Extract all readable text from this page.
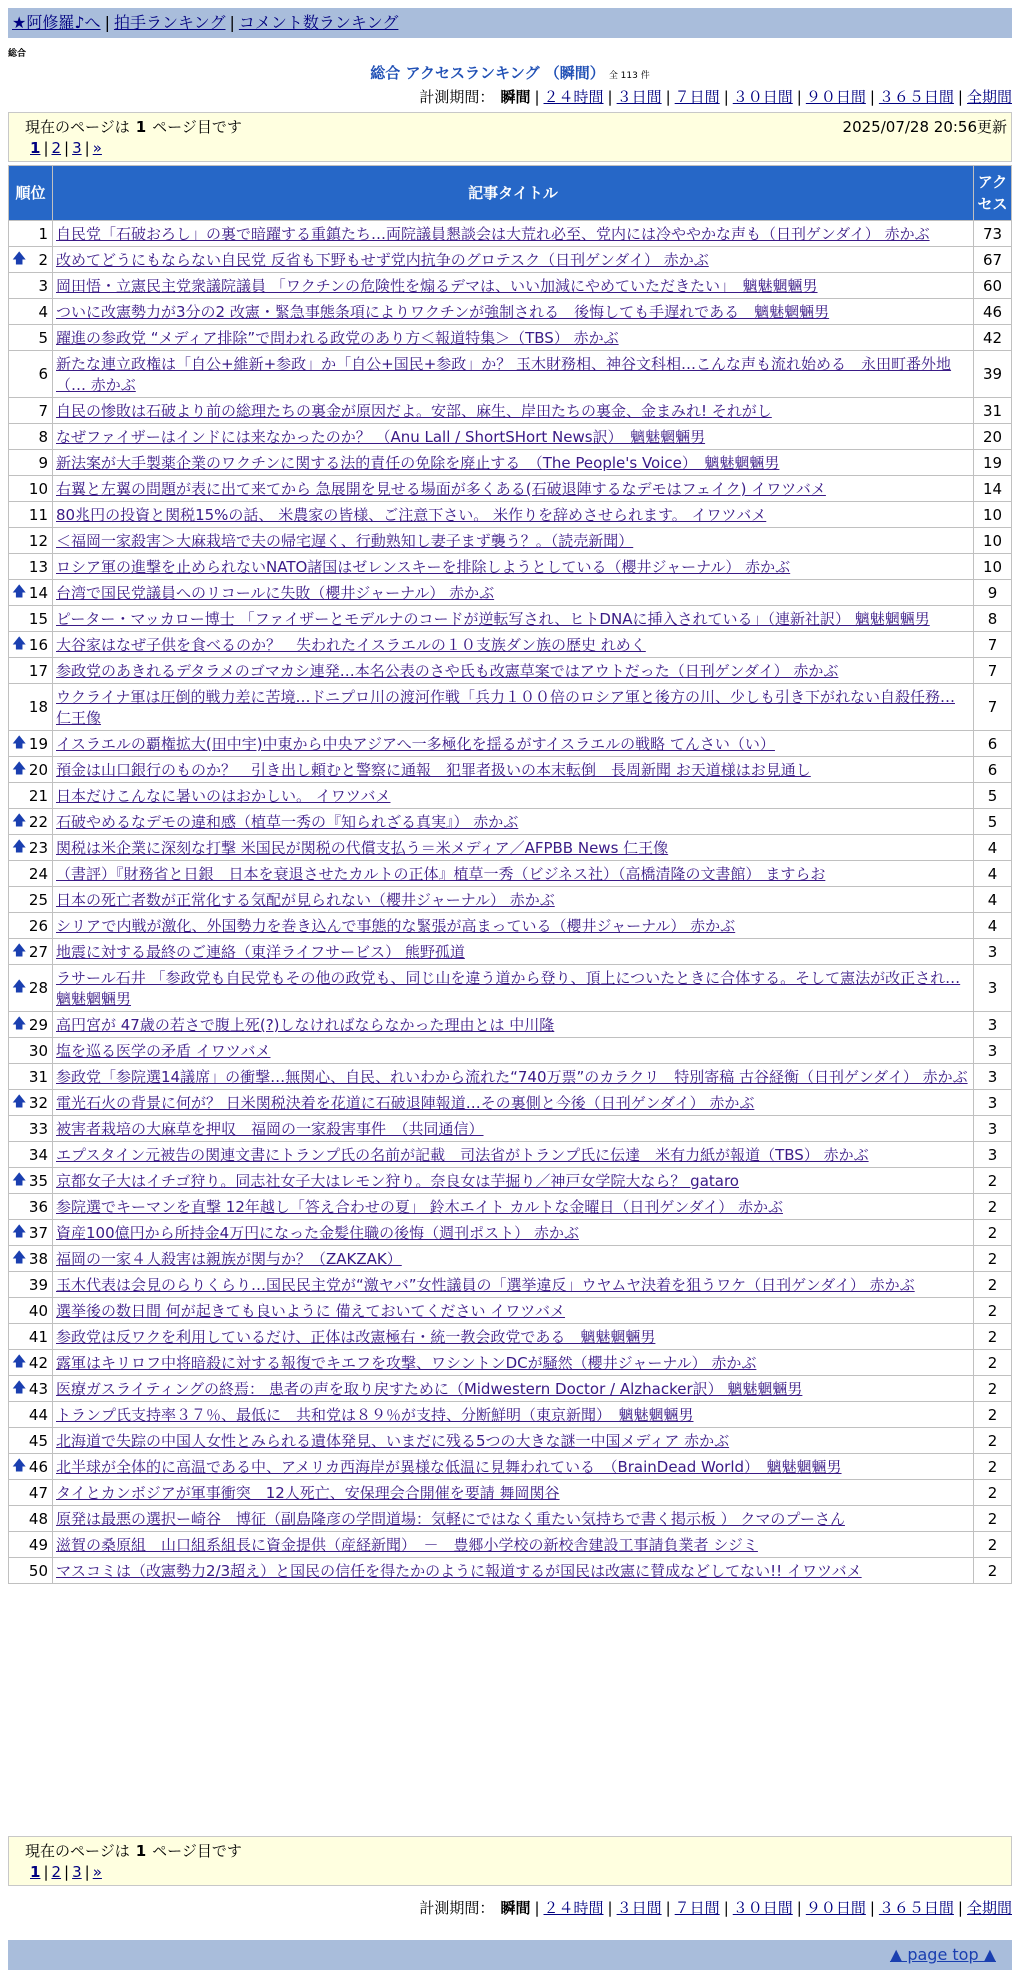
★阿修羅♪へ | 拍手ランキング | コメント数ランキング
総合
総合 アクセスランキング （瞬間） 全 113 件
計測期間： 瞬間 | ２４時間 | ３日間 | ７日間 | ３０日間 | ９０日間 | ３６５日間 | 全期間
現在のページは 1 ページ目です	2025/07/28 20:56更新
1 | 2 | 3 | »
順位	記事タイトル	アクセス
1	自民党「石破おろし」の裏で暗躍する重鎮たち…両院議員懇談会は大荒れ必至、党内には冷ややかな声も（日刊ゲンダイ） 赤かぶ	73

🡅 2	改めてどうにもならない自民党 反省も下野もせず党内抗争のグロテスク（日刊ゲンダイ） 赤かぶ	67
3	岡田悟・立憲民主党衆議院議員 「ワクチンの危険性を煽るデマは、いい加減にやめていただきたい」　魑魅魍魎男	60
4	ついに改憲勢力が3分の2 改憲・緊急事態条項によりワクチンが強制される　後悔しても手遅れである　魑魅魍魎男	46
5	躍進の参政党 “メディア排除”で問われる政党のあり方＜報道特集＞（TBS） 赤かぶ	42
6	新たな連立政権は「自公+維新+参政」か「自公+国民+参政」か？ 玉木財務相、神谷文科相…こんな声も流れ始める　永田町番外地（… 赤かぶ	39
7	自民の惨敗は石破より前の総理たちの裏金が原因だよ。安部、麻生、岸田たちの裏金、金まみれ! それがし	31
8	なぜファイザーはインドには来なかったのか？ （Anu Lall / ShortSHort News訳）　魑魅魍魎男	20
9	新法案が大手製薬企業のワクチンに関する法的責任の免除を廃止する　（The People's Voice）　魑魅魍魎男	19
10	右翼と左翼の問題が表に出て来てから 急展開を見せる場面が多くある(石破退陣するなデモはフェイク) イワツバメ	14
11	80兆円の投資と関税15%の話、 米農家の皆様、ご注意下さい。 米作りを辞めさせられます。 イワツバメ	10
12	＜福岡一家殺害＞大麻栽培で夫の帰宅遅く、行動熟知し妻子まず襲う？。（読売新聞）	10
13	ロシア軍の進撃を止められないNATO諸国はゼレンスキーを排除しようとしている（櫻井ジャーナル） 赤かぶ	10

🡅 14	台湾で国民党議員へのリコールに失敗（櫻井ジャーナル） 赤かぶ	9
15	ピーター・マッカロー博士 「ファイザーとモデルナのコードが逆転写され、ヒトDNAに挿入されている」（連新社訳） 魑魅魍魎男	8

🡅 16	大谷家はなぜ子供を食べるのか？　失われたイスラエルの１０支族ダン族の歴史 れめく	7
17	参政党のあきれるデタラメのゴマカシ連発…本名公表のさや氏も改憲草案ではアウトだった（日刊ゲンダイ） 赤かぶ	7
18	ウクライナ軍は圧倒的戦力差に苦境…ドニプロ川の渡河作戦「兵力１００倍のロシア軍と後方の川、少しも引き下がれない自殺任務… 仁王像	7

🡅 19	イスラエルの覇権拡大(田中宇)中東から中央アジアへ一多極化を揺るがすイスラエルの戦略 てんさい（い）	6

🡅 20	預金は山口銀行のものか？　引き出し頼むと警察に通報　犯罪者扱いの本末転倒　長周新聞 お天道様はお見通し	6
21	日本だけこんなに暑いのはおかしい。 イワツバメ	5

🡅 22	石破やめるなデモの違和感（植草一秀の『知られざる真実』） 赤かぶ	5

🡅 23	関税は米企業に深刻な打撃 米国民が関税の代償支払う＝米メディア／AFPBB News 仁王像	4
24	（書評）『財務省と日銀　日本を衰退させたカルトの正体』植草一秀（ビジネス社）（高橋清隆の文書館） ますらお	4
25	日本の死亡者数が正常化する気配が見られない（櫻井ジャーナル） 赤かぶ	4
26	シリアで内戦が激化、外国勢力を巻き込んで事態的な緊張が高まっている（櫻井ジャーナル） 赤かぶ	4

🡅 27	地震に対する最終のご連絡（東洋ライフサービス） 熊野孤道	3

🡅 28	ラサール石井 「参政党も自民党もその他の政党も、同じ山を違う道から登り、頂上についたときに合体する。そして憲法が改正され… 魑魅魍魎男	3

🡅 29	高円宮が 47歳の若さで腹上死(?)しなければならなかった理由とは 中川隆	3
30	塩を巡る医学の矛盾 イワツバメ	3
31	参政党「参院選14議席」の衝撃…無関心、自民、れいわから流れた“740万票”のカラクリ　特別寄稿 古谷経衡（日刊ゲンダイ） 赤かぶ	3

🡅 32	電光石火の背景に何が？ 日米関税決着を花道に石破退陣報道…その裏側と今後（日刊ゲンダイ） 赤かぶ	3
33	被害者栽培の大麻草を押収　福岡の一家殺害事件　（共同通信）	3
34	エプスタイン元被告の関連文書にトランプ氏の名前が記載　司法省がトランプ氏に伝達　米有力紙が報道（TBS） 赤かぶ	3

🡅 35	京都女子大はイチゴ狩り。同志社女子大はレモン狩り。奈良女は芋掘り／神戸女学院大なら？ gataro	2
36	参院選でキーマンを直撃 12年越し「答え合わせの夏」 鈴木エイト カルトな金曜日（日刊ゲンダイ） 赤かぶ	2

🡅 37	資産100億円から所持金4万円になった金髪住職の後悔（週刊ポスト） 赤かぶ	2

🡅 38	福岡の一家４人殺害は親族が関与か？（ZAKZAK）	2
39	玉木代表は会見のらりくらり…国民民主党が“激ヤバ”女性議員の「選挙違反」ウヤムヤ決着を狙うワケ（日刊ゲンダイ） 赤かぶ	2
40	選挙後の数日間 何が起きても良いように 備えておいてください イワツバメ	2
41	参政党は反ワクを利用しているだけ、正体は改憲極右・統一教会政党である　魑魅魍魎男	2

🡅 42	露軍はキリロフ中将暗殺に対する報復でキエフを攻撃、ワシントンDCが騒然（櫻井ジャーナル） 赤かぶ	2

🡅 43	医療ガスライティングの終焉： 患者の声を取り戻すために（Midwestern Doctor / Alzhacker訳） 魑魅魍魎男	2
44	トランプ氏支持率３７％、最低に　共和党は８９％が支持、分断鮮明（東京新聞）　魑魅魍魎男	2
45	北海道で失踪の中国人女性とみられる遺体発見、いまだに残る5つの大きな謎一中国メディア 赤かぶ	2

🡅 46	北半球が全体的に高温である中、アメリカ西海岸が異様な低温に見舞われている　（BrainDead World）　魑魅魍魎男	2
47	タイとカンボジアが軍事衝突　12人死亡、安保理会合開催を要請 舞岡関谷	2
48	原発は最悪の選択ー崎谷　博征（副島隆彦の学問道場：気軽にではなく重たい気持ちで書く掲示板 ） クマのプーさん	2
49	滋賀の桑原組　山口組系組長に資金提供（産経新聞）　－　豊郷小学校の新校舎建設工事請負業者 シジミ	2
50	マスコミは（改憲勢力2/3超え）と国民の信任を得たかのように報道するが国民は改憲に賛成などしてない!! イワツバメ	2
現在のページは 1 ページ目です
1 | 2 | 3 | »
計測期間： 瞬間 | ２４時間 | ３日間 | ７日間 | ３０日間 | ９０日間 | ３６５日間 | 全期間
▲ page top ▲
